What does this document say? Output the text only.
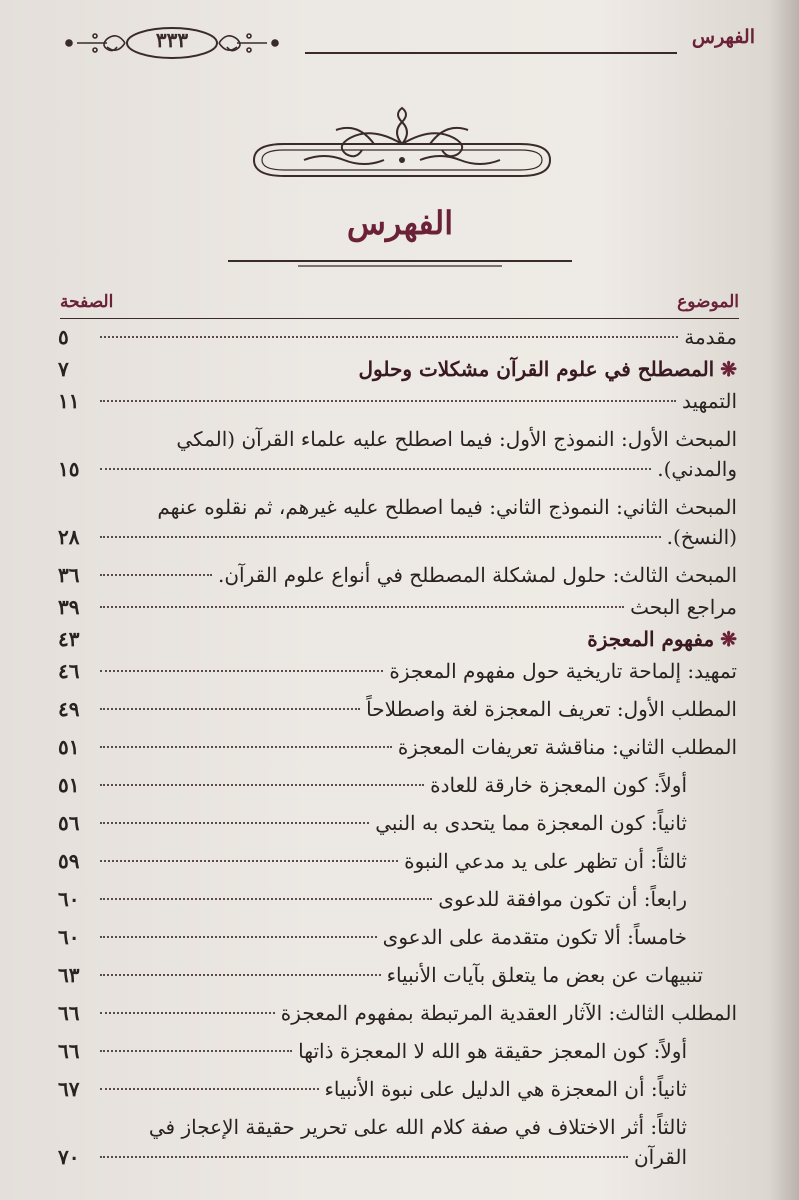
الفهرس
٣٣٣
الفهرس
الموضوع
الصفحة
مقدمة
٥
❋المصطلح في علوم القرآن مشكلات وحلول
٧
التمهيد
١١
المبحث الأول: النموذج الأول: فيما اصطلح عليه علماء القرآن (المكي
والمدني).
١٥
المبحث الثاني: النموذج الثاني: فيما اصطلح عليه غيرهم، ثم نقلوه عنهم
(النسخ).
٢٨
المبحث الثالث: حلول لمشكلة المصطلح في أنواع علوم القرآن.
٣٦
مراجع البحث
٣٩
❋مفهوم المعجزة
٤٣
تمهيد: إلماحة تاريخية حول مفهوم المعجزة
٤٦
المطلب الأول: تعريف المعجزة لغة واصطلاحاً
٤٩
المطلب الثاني: مناقشة تعريفات المعجزة
٥١
أولاً: كون المعجزة خارقة للعادة
٥١
ثانياً: كون المعجزة مما يتحدى به النبي
٥٦
ثالثاً: أن تظهر على يد مدعي النبوة
٥٩
رابعاً: أن تكون موافقة للدعوى
٦٠
خامساً: ألا تكون متقدمة على الدعوى
٦٠
تنبيهات عن بعض ما يتعلق بآيات الأنبياء
٦٣
المطلب الثالث: الآثار العقدية المرتبطة بمفهوم المعجزة
٦٦
أولاً: كون المعجز حقيقة هو الله لا المعجزة ذاتها
٦٦
ثانياً: أن المعجزة هي الدليل على نبوة الأنبياء
٦٧
ثالثاً: أثر الاختلاف في صفة كلام الله على تحرير حقيقة الإعجاز في
القرآن
٧٠
